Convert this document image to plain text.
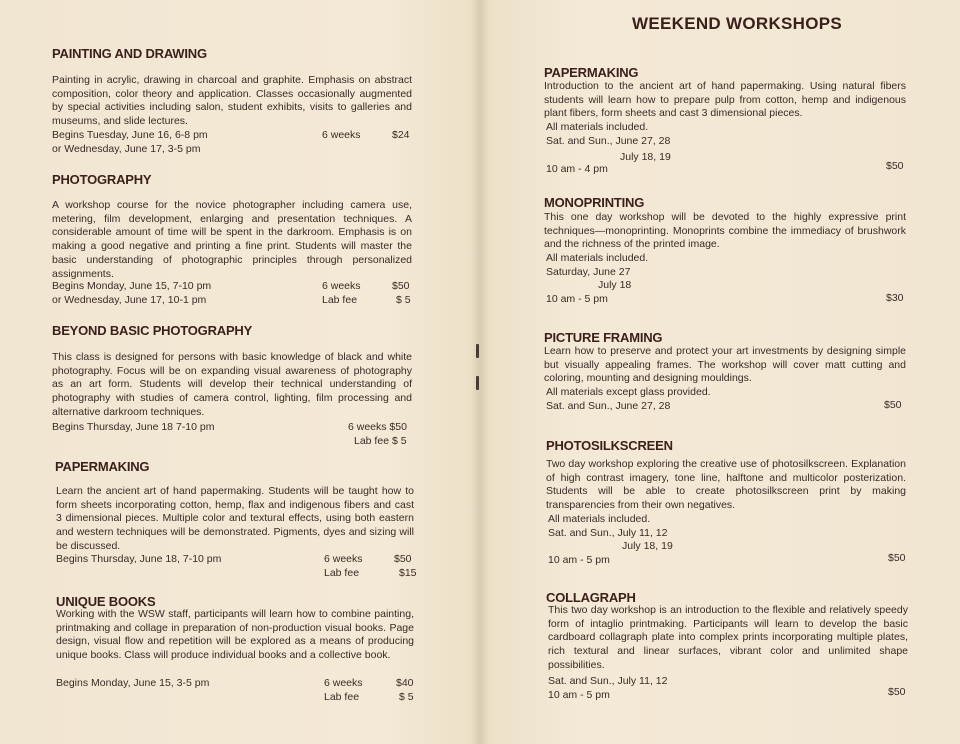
PAINTING AND DRAWING
Painting in acrylic, drawing in charcoal and graphite. Emphasis on abstract composition, color theory and application. Classes occasionally augmented by special activities including salon, student exhibits, visits to galleries and museums, and slide lectures.
Begins Tuesday, June 16, 6-8 pm	6 weeks	$24
or Wednesday, June 17, 3-5 pm
PHOTOGRAPHY
A workshop course for the novice photographer including camera use, metering, film development, enlarging and presentation techniques. A considerable amount of time will be spent in the darkroom. Emphasis is on making a good negative and printing a fine print. Students will master the basic understanding of photographic principles through personalized assignments.
Begins Monday, June 15, 7-10 pm	6 weeks	$50
or Wednesday, June 17, 10-1 pm	Lab fee	$ 5
BEYOND BASIC PHOTOGRAPHY
This class is designed for persons with basic knowledge of black and white photography. Focus will be on expanding visual awareness of photography as an art form. Students will develop their technical understanding of photography with studies of camera control, lighting, film processing and alternative darkroom techniques.
Begins Thursday, June 18 7-10 pm	6 weeks $50
Lab fee $ 5
PAPERMAKING
Learn the ancient art of hand papermaking. Students will be taught how to form sheets incorporating cotton, hemp, flax and indigenous fibers and cast 3 dimensional pieces. Multiple color and textural effects, using both eastern and western techniques will be demonstrated. Pigments, dyes and sizing will be discussed.
Begins Thursday, June 18, 7-10 pm	6 weeks	$50
Lab fee	$15
UNIQUE BOOKS
Working with the WSW staff, participants will learn how to combine painting, printmaking and collage in preparation of non-production visual books. Page design, visual flow and repetition will be explored as a means of producing unique books. Class will produce individual books and a collective book.
Begins Monday, June 15, 3-5 pm	6 weeks	$40
Lab fee	$ 5
WEEKEND WORKSHOPS
PAPERMAKING
Introduction to the ancient art of hand papermaking. Using natural fibers students will learn how to prepare pulp from cotton, hemp and indigenous plant fibers, form sheets and cast 3 dimensional pieces.
All materials included.
Sat. and Sun., June 27, 28
July 18, 19
10 am - 4 pm	$50
MONOPRINTING
This one day workshop will be devoted to the highly expressive print techniques—monoprinting. Monoprints combine the immediacy of brushwork and the richness of the printed image.
All materials included.
Saturday, June 27
July 18
10 am - 5 pm	$30
PICTURE FRAMING
Learn how to preserve and protect your art investments by designing simple but visually appealing frames. The workshop will cover matt cutting and coloring, mounting and designing mouldings.
All materials except glass provided.
Sat. and Sun., June 27, 28	$50
PHOTOSILKSCREEN
Two day workshop exploring the creative use of photosilkscreen. Explanation of high contrast imagery, tone line, halftone and multicolor posterization. Students will be able to create photosilkscreen print by making transparencies from their own negatives.
All materials included.
Sat. and Sun., July 11, 12
July 18, 19
10 am - 5 pm	$50
COLLAGRAPH
This two day workshop is an introduction to the flexible and relatively speedy form of intaglio printmaking. Participants will learn to develop the basic cardboard collagraph plate into complex prints incorporating multiple plates, rich textural and linear surfaces, vibrant color and unlimited shape possibilities.
Sat. and Sun., July 11, 12
10 am - 5 pm	$50
